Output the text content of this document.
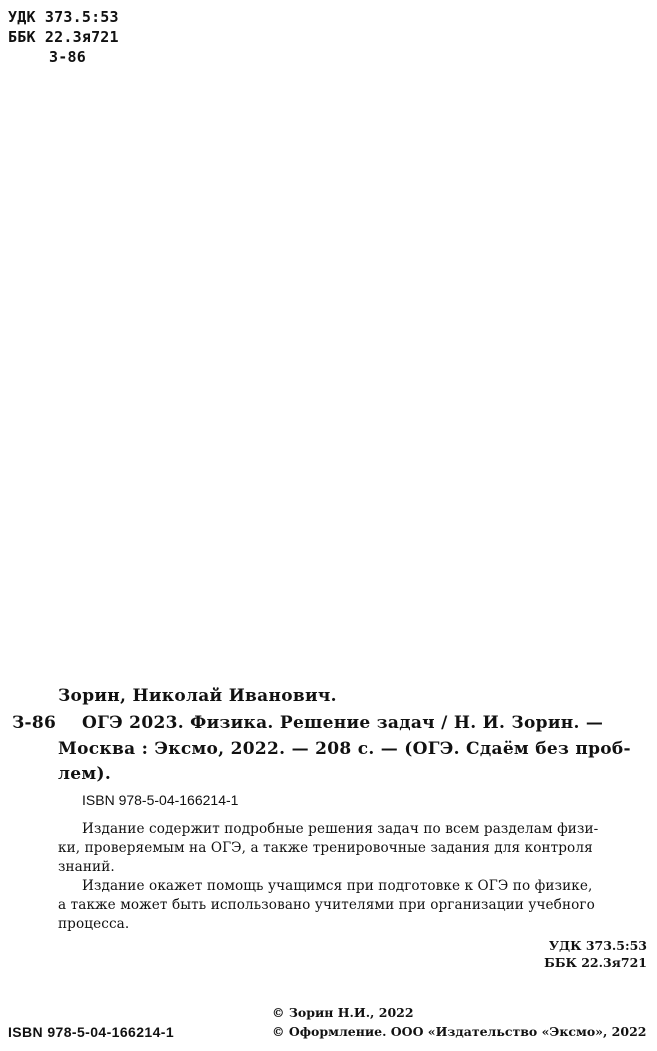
УДК 373.5:53
ББК 22.3я721
З-86
Зорин, Николай Иванович.
З-86 ОГЭ 2023. Физика. Решение задач / Н. И. Зорин. —
Москва : Эксмо, 2022. — 208 с. — (ОГЭ. Сдаём без проб-
лем).
ISBN 978-5-04-166214-1
Издание содержит подробные решения задач по всем разделам физи-
ки, проверяемым на ОГЭ, а также тренировочные задания для контроля
знаний.
Издание окажет помощь учащимся при подготовке к ОГЭ по физике,
а также может быть использовано учителями при организации учебного
процесса.
УДК 373.5:53
ББК 22.3я721
© Зорин Н.И., 2022
ISBN 978-5-04-166214-1	© Оформление. ООО «Издательство «Эксмо», 2022
